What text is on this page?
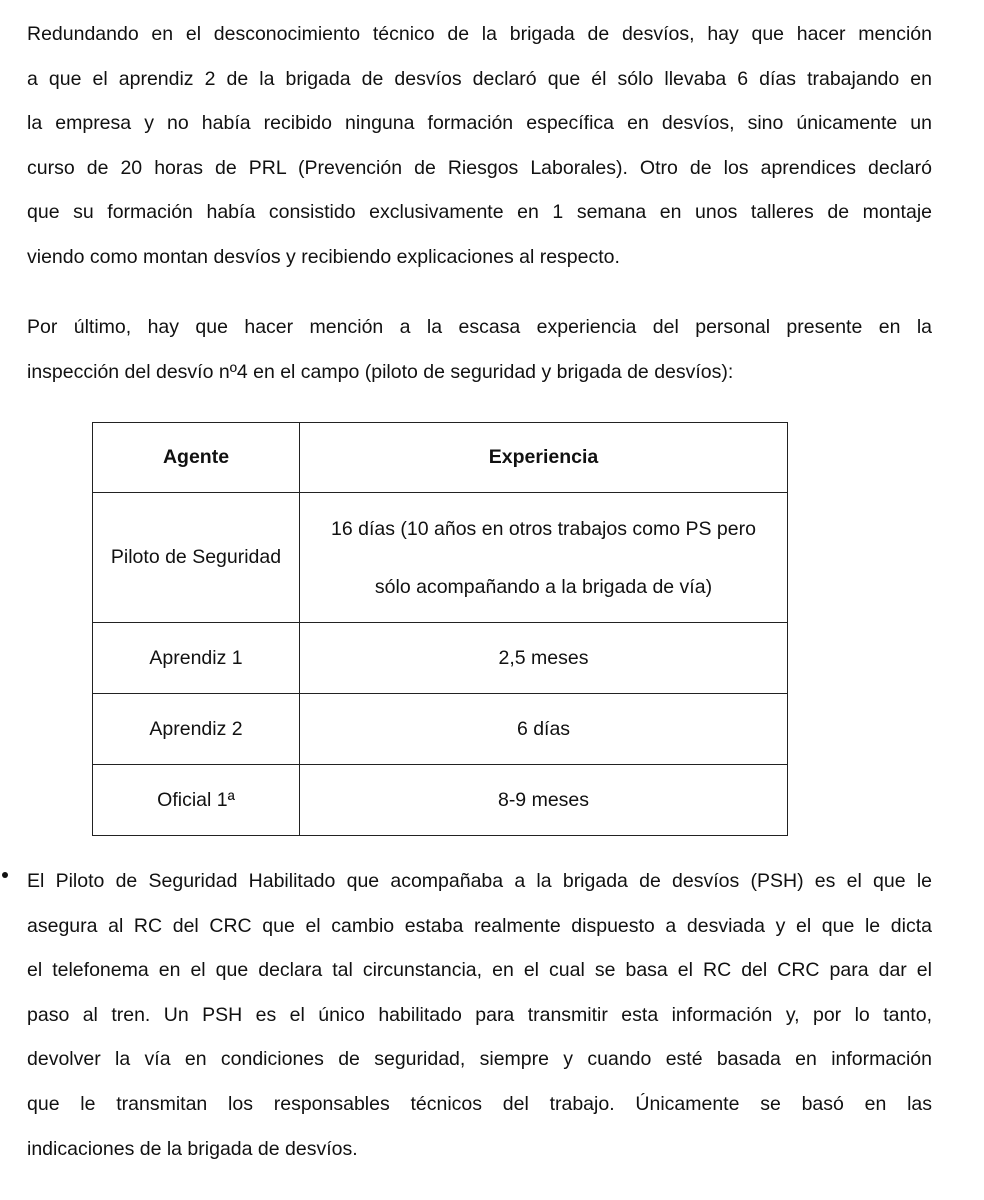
Redundando en el desconocimiento técnico de la brigada de desvíos, hay que hacer mención
a que el aprendiz 2 de la brigada de desvíos declaró que él sólo llevaba 6 días trabajando en
la empresa y no había recibido ninguna formación específica en desvíos, sino únicamente un
curso de 20 horas de PRL (Prevención de Riesgos Laborales). Otro de los aprendices declaró
que su formación había consistido exclusivamente en 1 semana en unos talleres de montaje
viendo como montan desvíos y recibiendo explicaciones al respecto.
Por último, hay que hacer mención a la escasa experiencia del personal presente en la
inspección del desvío nº4 en el campo (piloto de seguridad y brigada de desvíos):
Agente	Experiencia
Piloto de Seguridad	16 días (10 años en otros trabajos como PS pero
sólo acompañando a la brigada de vía)

Aprendiz 1	2,5 meses
Aprendiz 2	6 días
Oficial 1ª	8-9 meses
El Piloto de Seguridad Habilitado que acompañaba a la brigada de desvíos (PSH) es el que le
asegura al RC del CRC que el cambio estaba realmente dispuesto a desviada y el que le dicta
el telefonema en el que declara tal circunstancia, en el cual se basa el RC del CRC para dar el
paso al tren. Un PSH es el único habilitado para transmitir esta información y, por lo tanto,
devolver la vía en condiciones de seguridad, siempre y cuando esté basada en información
que le transmitan los responsables técnicos del trabajo. Únicamente se basó en las
indicaciones de la brigada de desvíos.
